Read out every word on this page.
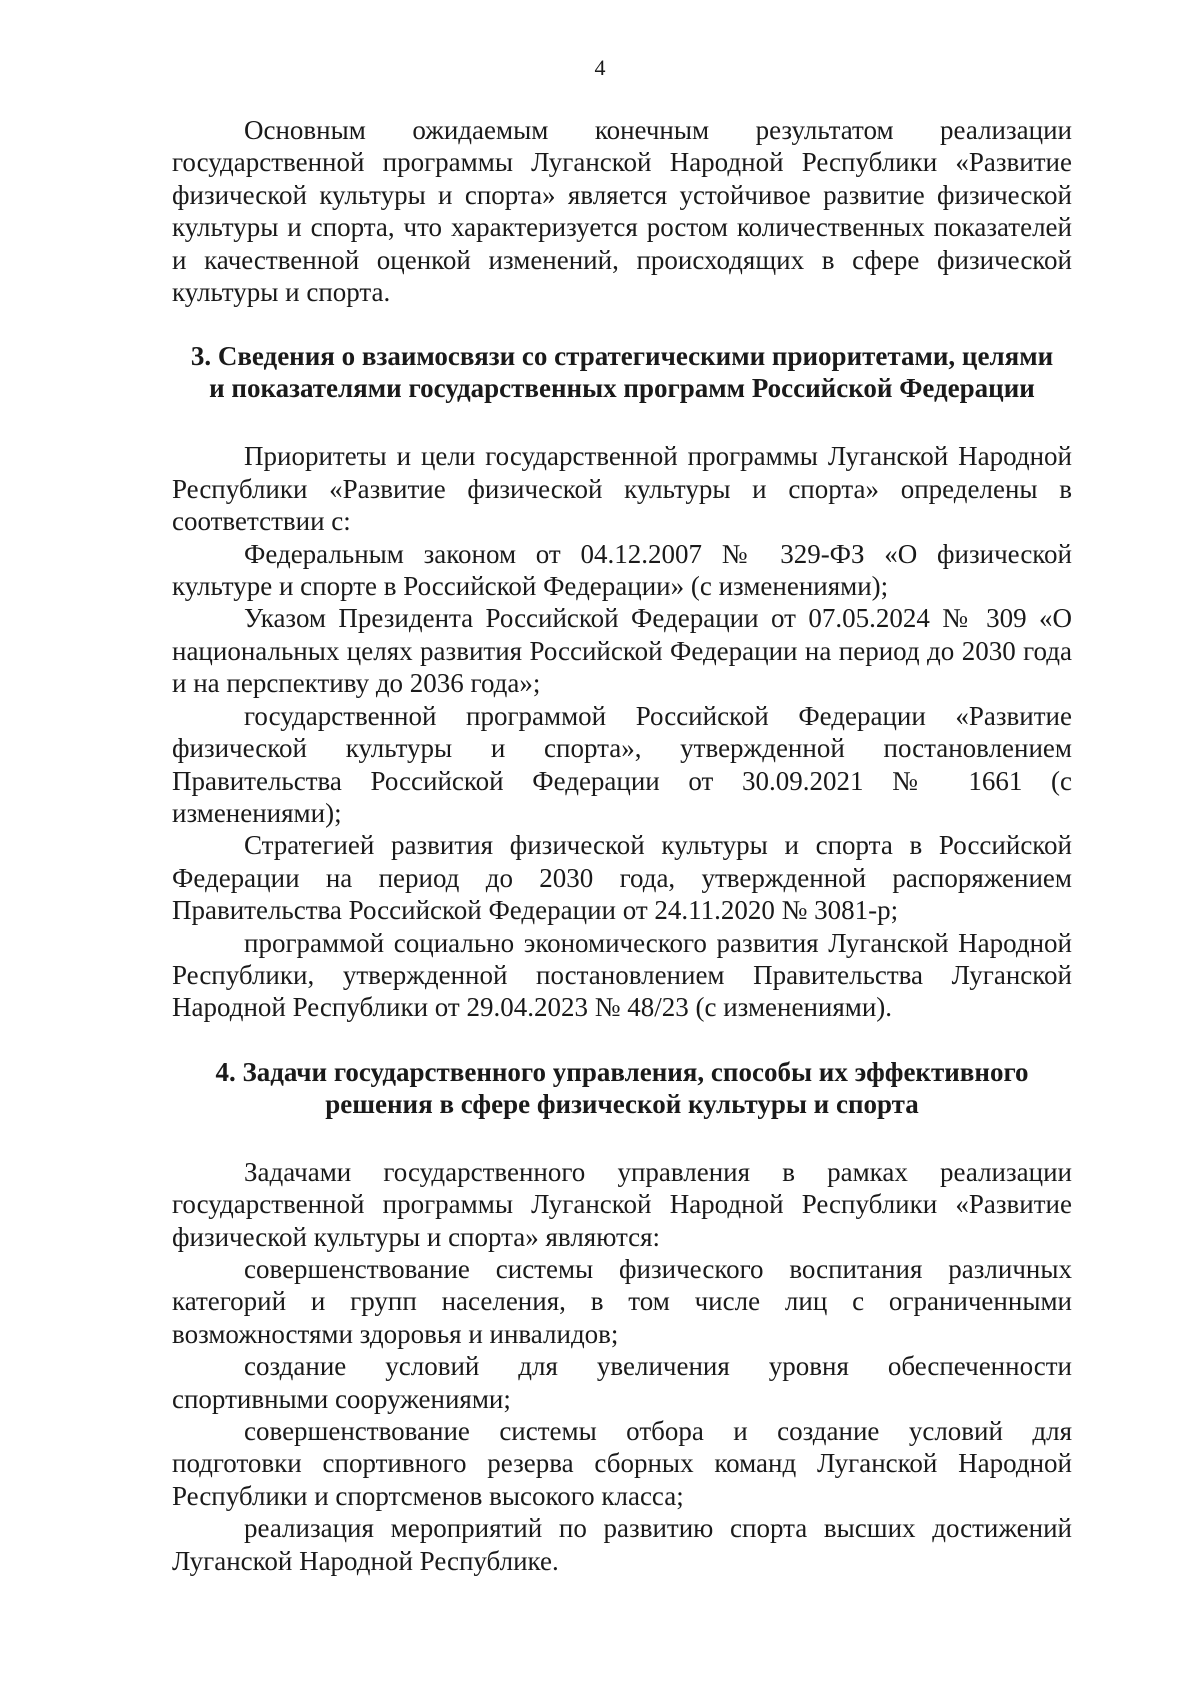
4

Основным ожидаемым конечным результатом реализации государственной программы Луганской Народной Республики «Развитие физической культуры и спорта» является устойчивое развитие физической культуры и спорта, что характеризуется ростом количественных показателей и качественной оценкой изменений, происходящих в сфере физической культуры и спорта.

3. Сведения о взаимосвязи со стратегическими приоритетами, целями
и показателями государственных программ Российской Федерации

Приоритеты и цели государственной программы Луганской Народной Республики «Развитие физической культуры и спорта» определены в соответствии с:

Федеральным законом от 04.12.2007 № 329-ФЗ «О физической культуре и спорте в Российской Федерации» (с изменениями);

Указом Президента Российской Федерации от 07.05.2024 № 309 «О национальных целях развития Российской Федерации на период до 2030 года и на перспективу до 2036 года»;

государственной программой Российской Федерации «Развитие физической культуры и спорта», утвержденной постановлением Правительства Российской Федерации от 30.09.2021 № 1661 (с изменениями);

Стратегией развития физической культуры и спорта в Российской Федерации на период до 2030 года, утвержденной распоряжением Правительства Российской Федерации от 24.11.2020 № 3081-р;

программой социально экономического развития Луганской Народной Республики, утвержденной постановлением Правительства Луганской Народной Республики от 29.04.2023 № 48/23 (с изменениями).

4. Задачи государственного управления, способы их эффективного
решения в сфере физической культуры и спорта

Задачами государственного управления в рамках реализации государственной программы Луганской Народной Республики «Развитие физической культуры и спорта» являются:

совершенствование системы физического воспитания различных категорий и групп населения, в том числе лиц с ограниченными возможностями здоровья и инвалидов;

создание условий для увеличения уровня обеспеченности спортивными сооружениями;

совершенствование системы отбора и создание условий для подготовки спортивного резерва сборных команд Луганской Народной Республики и спортсменов высокого класса;

реализация мероприятий по развитию спорта высших достижений Луганской Народной Республике.
